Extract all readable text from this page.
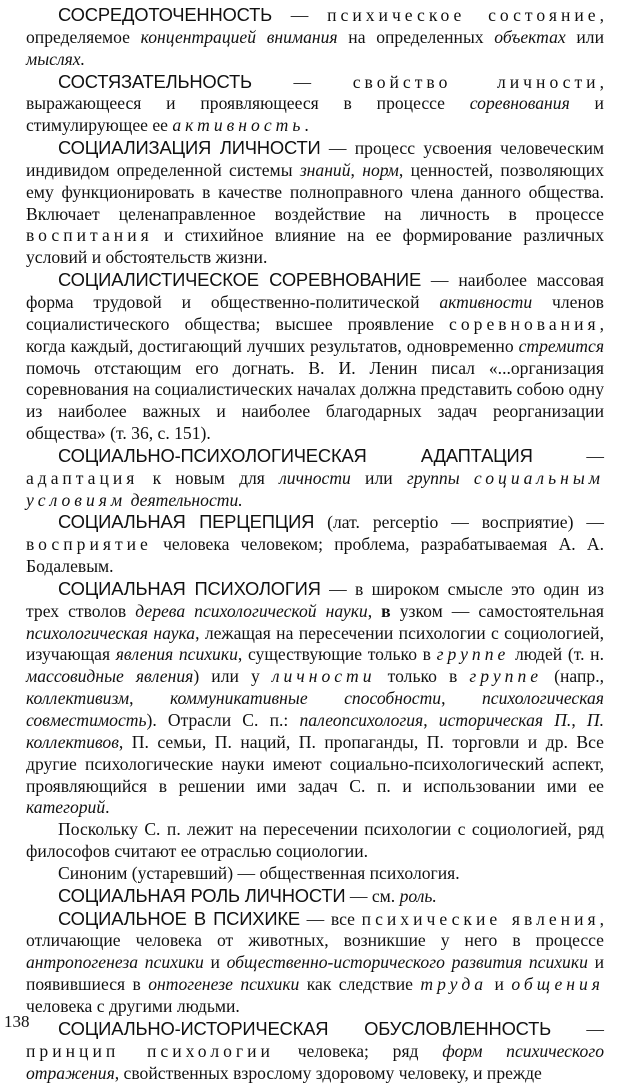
СОСРЕДОТОЧЕННОСТЬ — психическое состояние, определяемое концентрацией внимания на определенных объектах или мыслях.

СОСТЯЗАТЕЛЬНОСТЬ — свойство личности, выражающееся и проявляющееся в процессе соревнования и стимулирующее ее активность.

СОЦИАЛИЗАЦИЯ ЛИЧНОСТИ — процесс усвоения человеческим индивидом определенной системы знаний, норм, ценностей, позволяющих ему функционировать в качестве полноправного члена данного общества. Включает целенаправленное воздействие на личность в процессе воспитания и стихийное влияние на ее формирование различных условий и обстоятельств жизни.

СОЦИАЛИСТИЧЕСКОЕ СОРЕВНОВАНИЕ — наиболее массовая форма трудовой и общественно-политической активности членов социалистического общества; высшее проявление соревнования, когда каждый, достигающий лучших результатов, одновременно стремится помочь отстающим его догнать. В. И. Ленин писал «...организация соревнования на социалистических началах должна представить собою одну из наиболее важных и наиболее благодарных задач реорганизации общества» (т. 36, с. 151).

СОЦИАЛЬНО-ПСИХОЛОГИЧЕСКАЯ АДАПТАЦИЯ — адаптация к новым для личности или группы социальным условиям деятельности.

СОЦИАЛЬНАЯ ПЕРЦЕПЦИЯ (лат. perceptio — восприятие) — восприятие человека человеком; проблема, разрабатываемая А. А. Бодалевым.

СОЦИАЛЬНАЯ ПСИХОЛОГИЯ — в широком смысле это один из трех стволов дерева психологической науки, в узком — самостоятельная психологическая наука, лежащая на пересечении психологии с социологией, изучающая явления психики, существующие только в группе людей (т. н. массовидные явления) или у личности только в группе (напр., коллективизм, коммуникативные способности, психологическая совместимость). Отрасли С. п.: палеопсихология, историческая П., П. коллективов, П. семьи, П. наций, П. пропаганды, П. торговли и др. Все другие психологические науки имеют социально-психологический аспект, проявляющийся в решении ими задач С. п. и использовании ими ее категорий.

Поскольку С. п. лежит на пересечении психологии с социологией, ряд философов считают ее отраслью социологии.

Синоним (устаревший) — общественная психология.

СОЦИАЛЬНАЯ РОЛЬ ЛИЧНОСТИ — см. роль.

СОЦИАЛЬНОЕ В ПСИХИКЕ — все психические явления, отличающие человека от животных, возникшие у него в процессе антропогенеза психики и общественно-исторического развития психики и появившиеся в онтогенезе психики как следствие труда и общения человека с другими людьми.

СОЦИАЛЬНО-ИСТОРИЧЕСКАЯ ОБУСЛОВЛЕННОСТЬ — принцип психологии человека; ряд форм психического отражения, свойственных взрослому здоровому человеку, и прежде

138
